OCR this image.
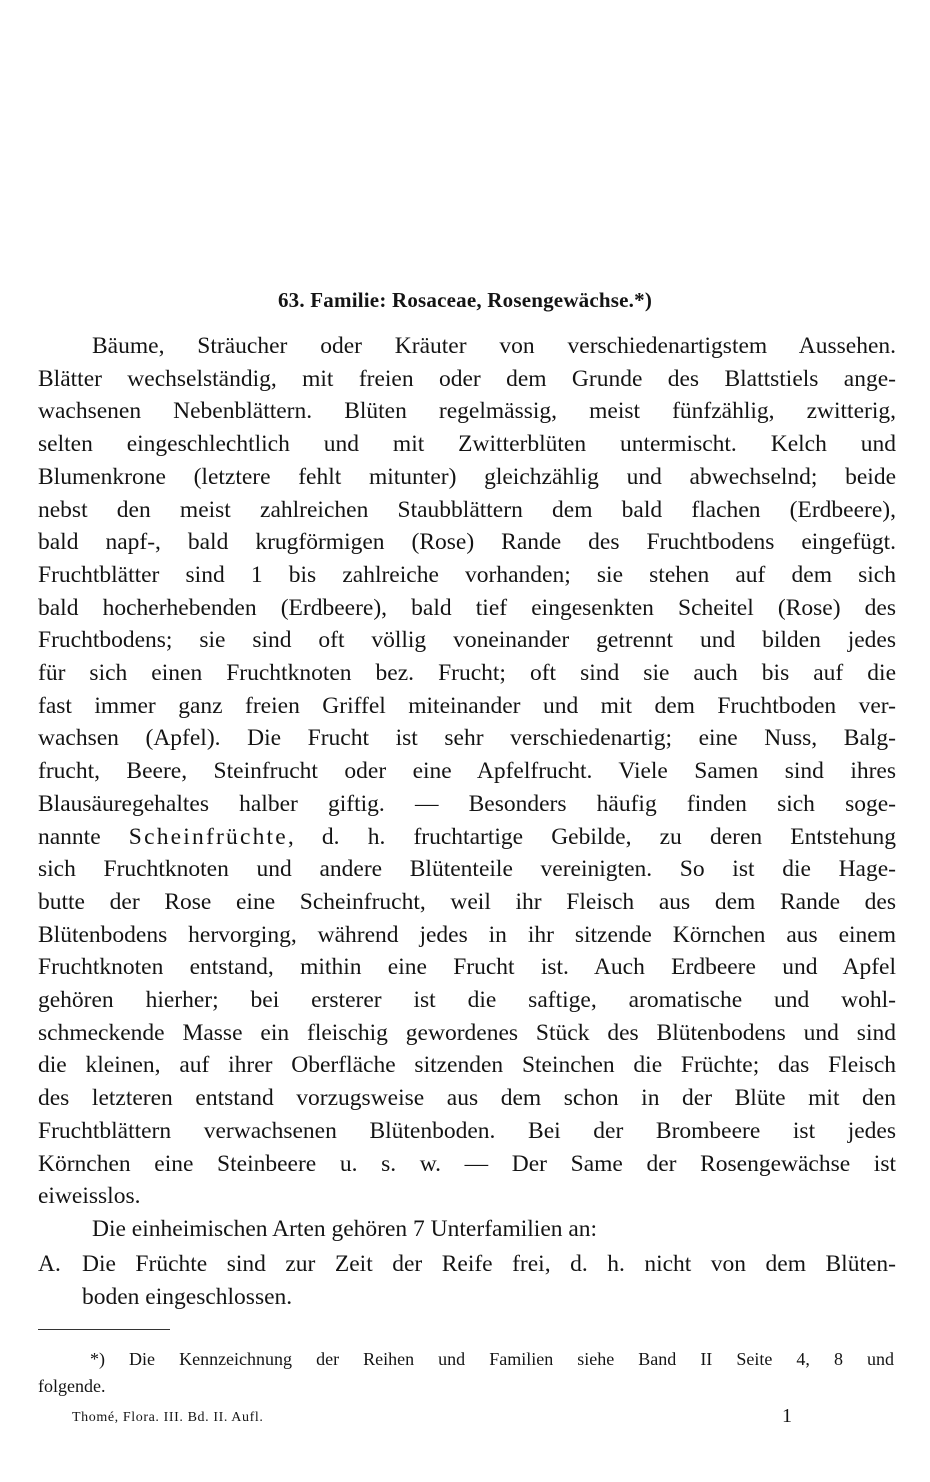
63. Familie: Rosaceae, Rosengewächse.*)
Bäume, Sträucher oder Kräuter von verschiedenartigstem Aussehen.
Blätter wechselständig, mit freien oder dem Grunde des Blattstiels ange-
wachsenen Nebenblättern. Blüten regelmässig, meist fünfzählig, zwitterig,
selten eingeschlechtlich und mit Zwitterblüten untermischt. Kelch und
Blumenkrone (letztere fehlt mitunter) gleichzählig und abwechselnd; beide
nebst den meist zahlreichen Staubblättern dem bald flachen (Erdbeere),
bald napf-, bald krugförmigen (Rose) Rande des Fruchtbodens eingefügt.
Fruchtblätter sind 1 bis zahlreiche vorhanden; sie stehen auf dem sich
bald hocherhebenden (Erdbeere), bald tief eingesenkten Scheitel (Rose) des
Fruchtbodens; sie sind oft völlig voneinander getrennt und bilden jedes
für sich einen Fruchtknoten bez. Frucht; oft sind sie auch bis auf die
fast immer ganz freien Griffel miteinander und mit dem Fruchtboden ver-
wachsen (Apfel). Die Frucht ist sehr verschiedenartig; eine Nuss, Balg-
frucht, Beere, Steinfrucht oder eine Apfelfrucht. Viele Samen sind ihres
Blausäuregehaltes halber giftig. — Besonders häufig finden sich soge-
nannte Scheinfrüchte, d. h. fruchtartige Gebilde, zu deren Entstehung
sich Fruchtknoten und andere Blütenteile vereinigten. So ist die Hage-
butte der Rose eine Scheinfrucht, weil ihr Fleisch aus dem Rande des
Blütenbodens hervorging, während jedes in ihr sitzende Körnchen aus einem
Fruchtknoten entstand, mithin eine Frucht ist. Auch Erdbeere und Apfel
gehören hierher; bei ersterer ist die saftige, aromatische und wohl-
schmeckende Masse ein fleischig gewordenes Stück des Blütenbodens und sind
die kleinen, auf ihrer Oberfläche sitzenden Steinchen die Früchte; das Fleisch
des letzteren entstand vorzugsweise aus dem schon in der Blüte mit den
Fruchtblättern verwachsenen Blütenboden. Bei der Brombeere ist jedes
Körnchen eine Steinbeere u. s. w. — Der Same der Rosengewächse ist
eiweisslos.
Die einheimischen Arten gehören 7 Unterfamilien an:
A. Die Früchte sind zur Zeit der Reife frei, d. h. nicht von dem Blüten-
boden eingeschlossen.
*) Die Kennzeichnung der Reihen und Familien siehe Band II Seite 4, 8 und
folgende.
Thomé, Flora. III. Bd. II. Aufl.	1
